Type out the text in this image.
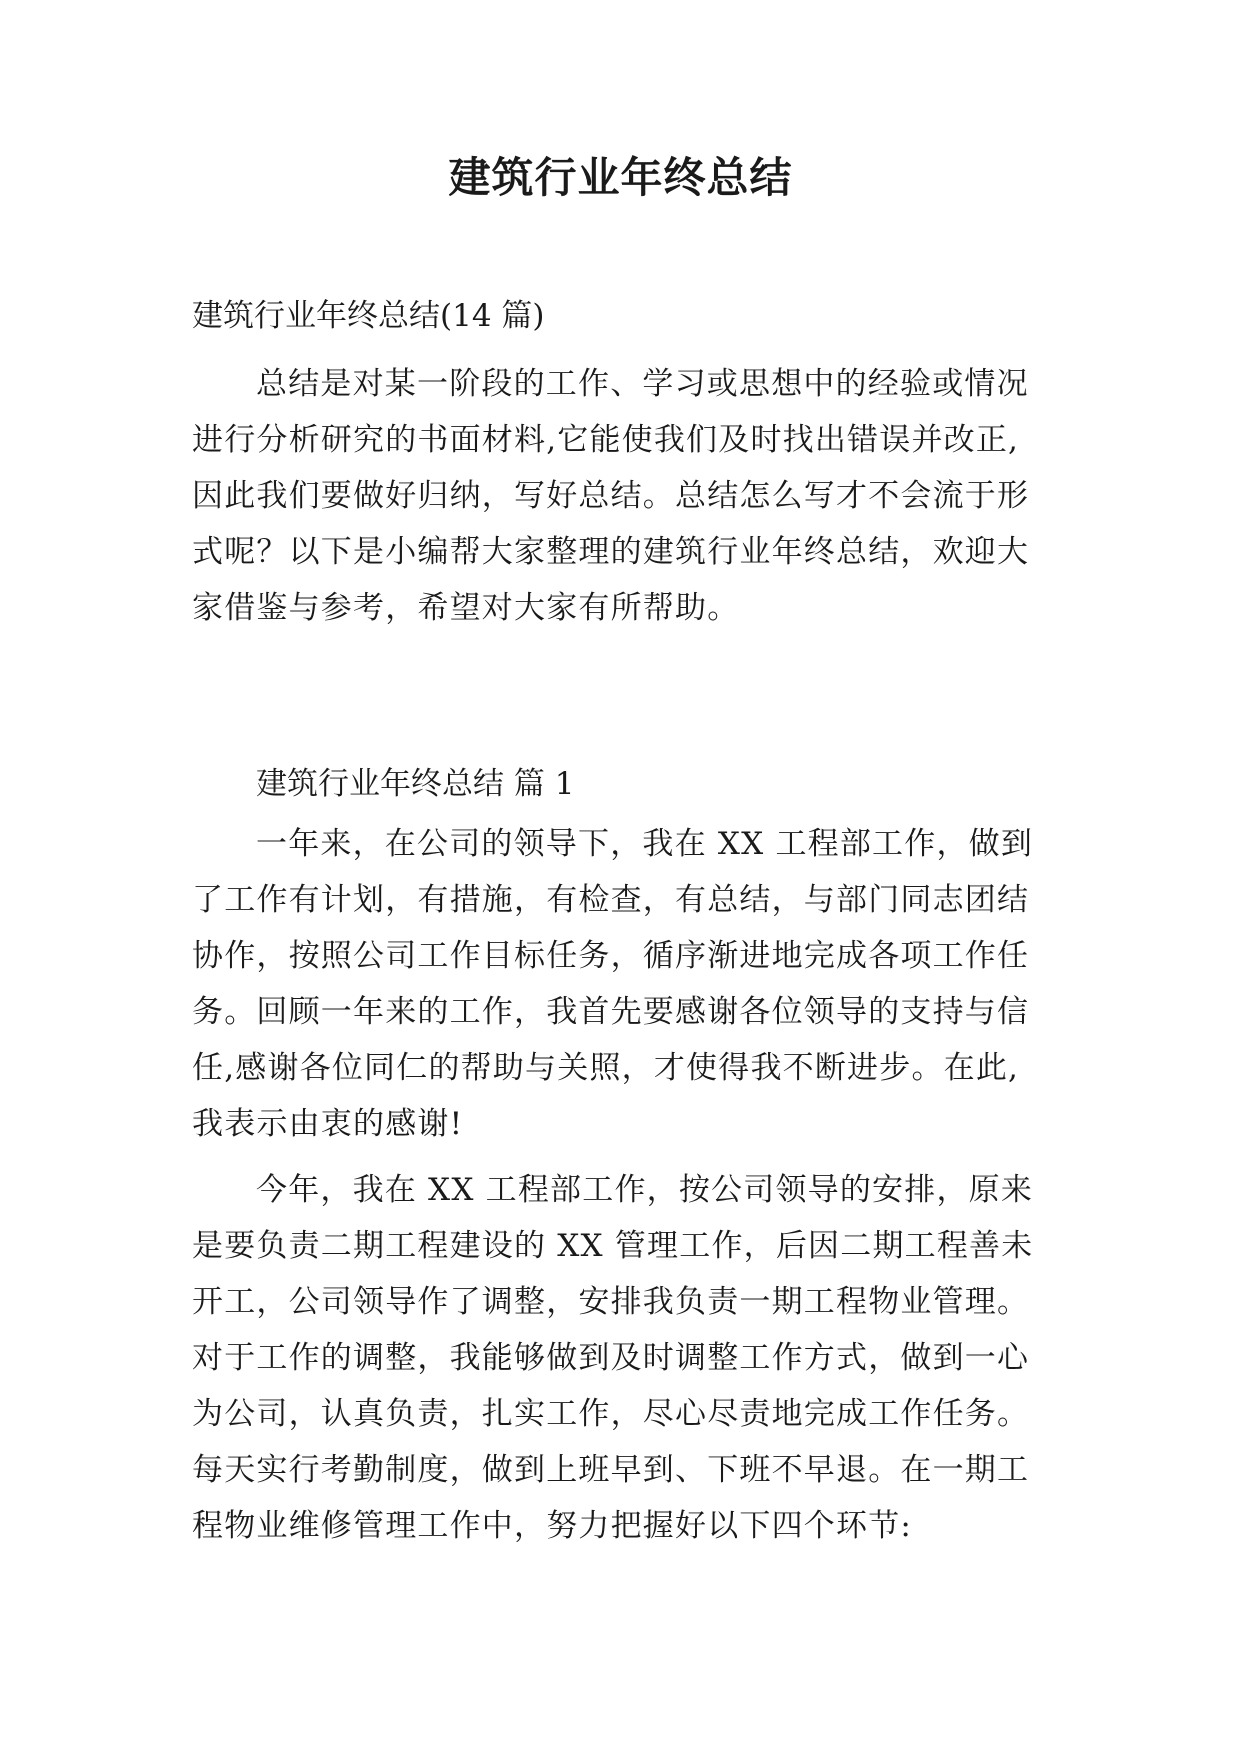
建筑行业年终总结
建筑行业年终总结(14 篇)
总结是对某一阶段的工作、学习或思想中的经验或情况
进行分析研究的书面材料,它能使我们及时找出错误并改正,
因此我们要做好归纳，写好总结。总结怎么写才不会流于形
式呢？以下是小编帮大家整理的建筑行业年终总结，欢迎大
家借鉴与参考，希望对大家有所帮助。
建筑行业年终总结 篇 1
一年来，在公司的领导下，我在 XX 工程部工作，做到
了工作有计划，有措施，有检查，有总结，与部门同志团结
协作，按照公司工作目标任务，循序渐进地完成各项工作任
务。回顾一年来的工作，我首先要感谢各位领导的支持与信
任,感谢各位同仁的帮助与关照，才使得我不断进步。在此,
我表示由衷的感谢!
今年，我在 XX 工程部工作，按公司领导的安排，原来
是要负责二期工程建设的 XX 管理工作，后因二期工程善未
开工，公司领导作了调整，安排我负责一期工程物业管理。
对于工作的调整，我能够做到及时调整工作方式，做到一心
为公司，认真负责，扎实工作，尽心尽责地完成工作任务。
每天实行考勤制度，做到上班早到、下班不早退。在一期工
程物业维修管理工作中，努力把握好以下四个环节:
